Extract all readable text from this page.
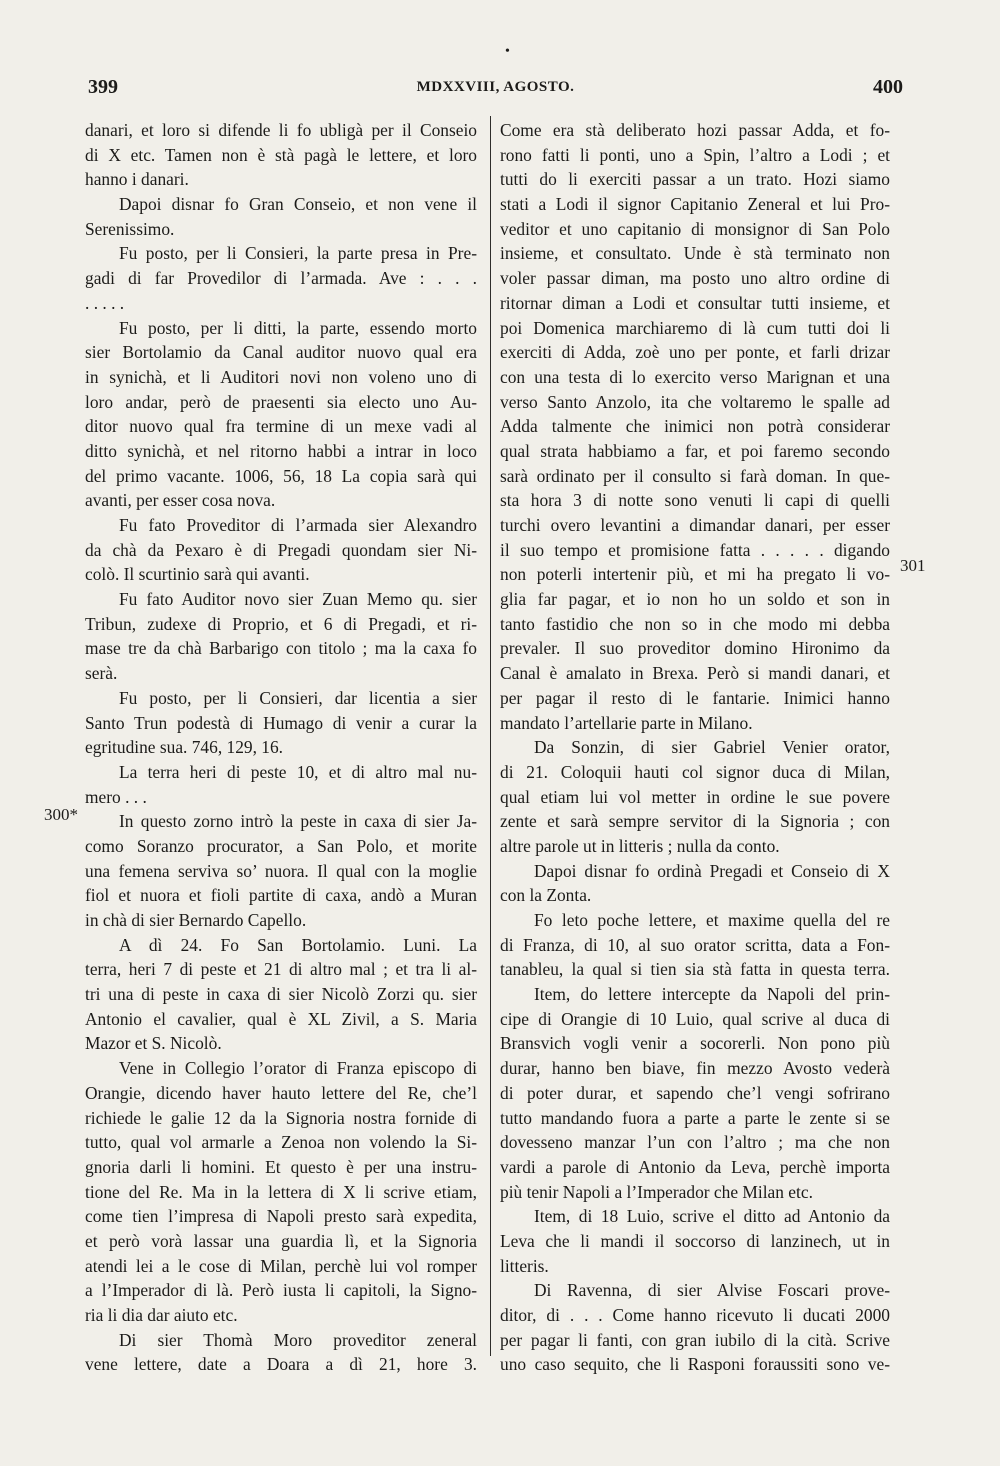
•
399	MDXXVIII, AGOSTO.	400
danari, et loro si difende li fo ubligà per il Conseio
di X etc. Tamen non è stà pagà le lettere, et loro
hanno i danari.
Dapoi disnar fo Gran Conseio, et non vene il
Serenissimo.
Fu posto, per li Consieri, la parte presa in Pre-
gadi di far Provedilor di l’armada. Ave : . . .
. . . . .
Fu posto, per li ditti, la parte, essendo morto
sier Bortolamio da Canal auditor nuovo qual era
in synichà, et li Auditori novi non voleno uno di
loro andar, però de praesenti sia electo uno Au-
ditor nuovo qual fra termine di un mexe vadi al
ditto synichà, et nel ritorno habbi a intrar in loco
del primo vacante. 1006, 56, 18 La copia sarà qui
avanti, per esser cosa nova.
Fu fato Proveditor di l’armada sier Alexandro
da chà da Pexaro è di Pregadi quondam sier Ni-
colò. Il scurtinio sarà qui avanti.
Fu fato Auditor novo sier Zuan Memo qu. sier
Tribun, zudexe di Proprio, et 6 di Pregadi, et ri-
mase tre da chà Barbarigo con titolo ; ma la caxa fo
serà.
Fu posto, per li Consieri, dar licentia a sier
Santo Trun podestà di Humago di venir a curar la
egritudine sua. 746, 129, 16.
La terra heri di peste 10, et di altro mal nu-
mero . . .
In questo zorno intrò la peste in caxa di sier Ja-
como Soranzo procurator, a San Polo, et morite
una femena serviva so’ nuora. Il qual con la moglie
fiol et nuora et fioli partite di caxa, andò a Muran
in chà di sier Bernardo Capello.
A dì 24. Fo San Bortolamio. Luni. La
terra, heri 7 di peste et 21 di altro mal ; et tra li al-
tri una di peste in caxa di sier Nicolò Zorzi qu. sier
Antonio el cavalier, qual è XL Zivil, a S. Maria
Mazor et S. Nicolò.
Vene in Collegio l’orator di Franza episcopo di
Orangie, dicendo haver hauto lettere del Re, che’l
richiede le galie 12 da la Signoria nostra fornide di
tutto, qual vol armarle a Zenoa non volendo la Si-
gnoria darli li homini. Et questo è per una instru-
tione del Re. Ma in la lettera di X li scrive etiam,
come tien l’impresa di Napoli presto sarà expedita,
et però vorà lassar una guardia lì, et la Signoria
atendi lei a le cose di Milan, perchè lui vol romper
a l’Imperador di là. Però iusta li capitoli, la Signo-
ria li dia dar aiuto etc.
Di sier Thomà Moro proveditor zeneral
vene lettere, date a Doara a dì 21, hore 3.
Come era stà deliberato hozi passar Adda, et fo-
rono fatti li ponti, uno a Spin, l’altro a Lodi ; et
tutti do li exerciti passar a un trato. Hozi siamo
stati a Lodi il signor Capitanio Zeneral et lui Pro-
veditor et uno capitanio di monsignor di San Polo
insieme, et consultato. Unde è stà terminato non
voler passar diman, ma posto uno altro ordine di
ritornar diman a Lodi et consultar tutti insieme, et
poi Domenica marchiaremo di là cum tutti doi li
exerciti di Adda, zoè uno per ponte, et farli drizar
con una testa di lo exercito verso Marignan et una
verso Santo Anzolo, ita che voltaremo le spalle ad
Adda talmente che inimici non potrà considerar
qual strata habbiamo a far, et poi faremo secondo
sarà ordinato per il consulto si farà doman. In que-
sta hora 3 di notte sono venuti li capi di quelli
turchi overo levantini a dimandar danari, per esser
il suo tempo et promisione fatta . . . . . digando
non poterli intertenir più, et mi ha pregato li vo-
glia far pagar, et io non ho un soldo et son in
tanto fastidio che non so in che modo mi debba
prevaler. Il suo proveditor domino Hironimo da
Canal è amalato in Brexa. Però si mandi danari, et
per pagar il resto di le fantarie. Inimici hanno
mandato l’artellarie parte in Milano.
Da Sonzin, di sier Gabriel Venier orator,
di 21. Coloquii hauti col signor duca di Milan,
qual etiam lui vol metter in ordine le sue povere
zente et sarà sempre servitor di la Signoria ; con
altre parole ut in litteris ; nulla da conto.
Dapoi disnar fo ordinà Pregadi et Conseio di X
con la Zonta.
Fo leto poche lettere, et maxime quella del re
di Franza, di 10, al suo orator scritta, data a Fon-
tanableu, la qual si tien sia stà fatta in questa terra.
Item, do lettere intercepte da Napoli del prin-
cipe di Orangie di 10 Luio, qual scrive al duca di
Bransvich vogli venir a socorerli. Non pono più
durar, hanno ben biave, fin mezzo Avosto vederà
di poter durar, et sapendo che’l vengi sofrirano
tutto mandando fuora a parte a parte le zente si se
dovesseno manzar l’un con l’altro ; ma che non
vardi a parole di Antonio da Leva, perchè importa
più tenir Napoli a l’Imperador che Milan etc.
Item, di 18 Luio, scrive el ditto ad Antonio da
Leva che li mandi il soccorso di lanzinech, ut in
litteris.
Di Ravenna, di sier Alvise Foscari prove-
ditor, di . . . Come hanno ricevuto li ducati 2000
per pagar li fanti, con gran iubilo di la cità. Scrive
uno caso sequito, che li Rasponi foraussiti sono ve-
300*
301
